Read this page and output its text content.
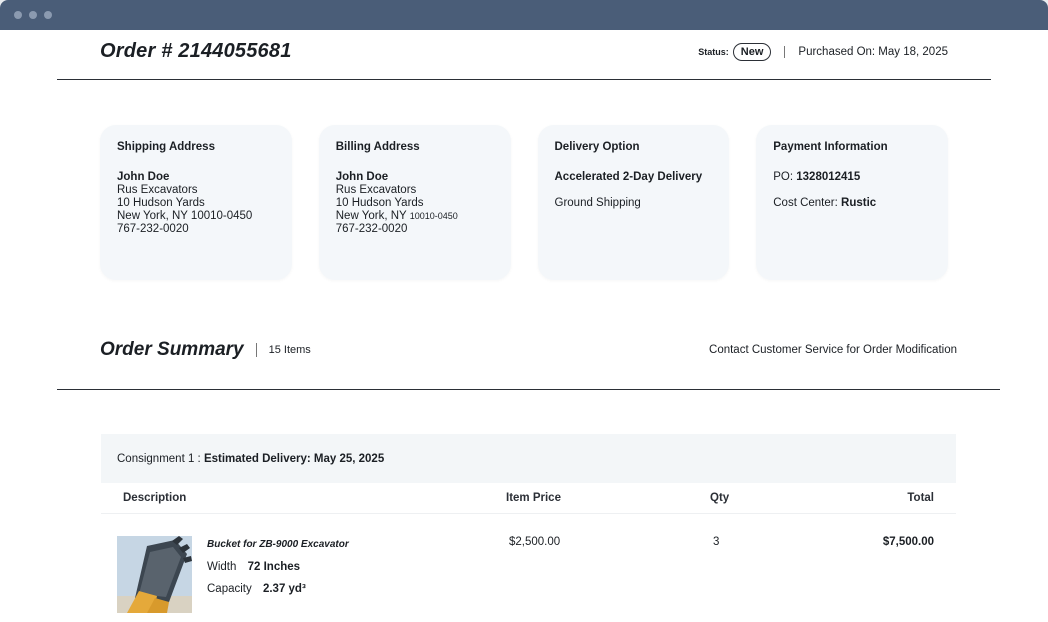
Order # 2144055681	Status:	New	Purchased On: May 18, 2025
Shipping Address
John Doe
Rus Excavators
10 Hudson Yards
New York, NY 10010-0450
767-232-0020
Billing Address
John Doe
Rus Excavators
10 Hudson Yards
New York, NY 10010-0450
767-232-0020
Delivery Option
Accelerated 2-Day Delivery
Ground Shipping
Payment Information
PO: 1328012415
Cost Center: Rustic
Order Summary 15 Items	Contact Customer Service for Order Modification
Consignment 1 :
Estimated Delivery: May 25, 2025
Description	Item Price	Qty	Total
Bucket for ZB-9000 Excavator
Width 72 Inches
Capacity 2.37 yd³
$2,500.00	3	$7,500.00
